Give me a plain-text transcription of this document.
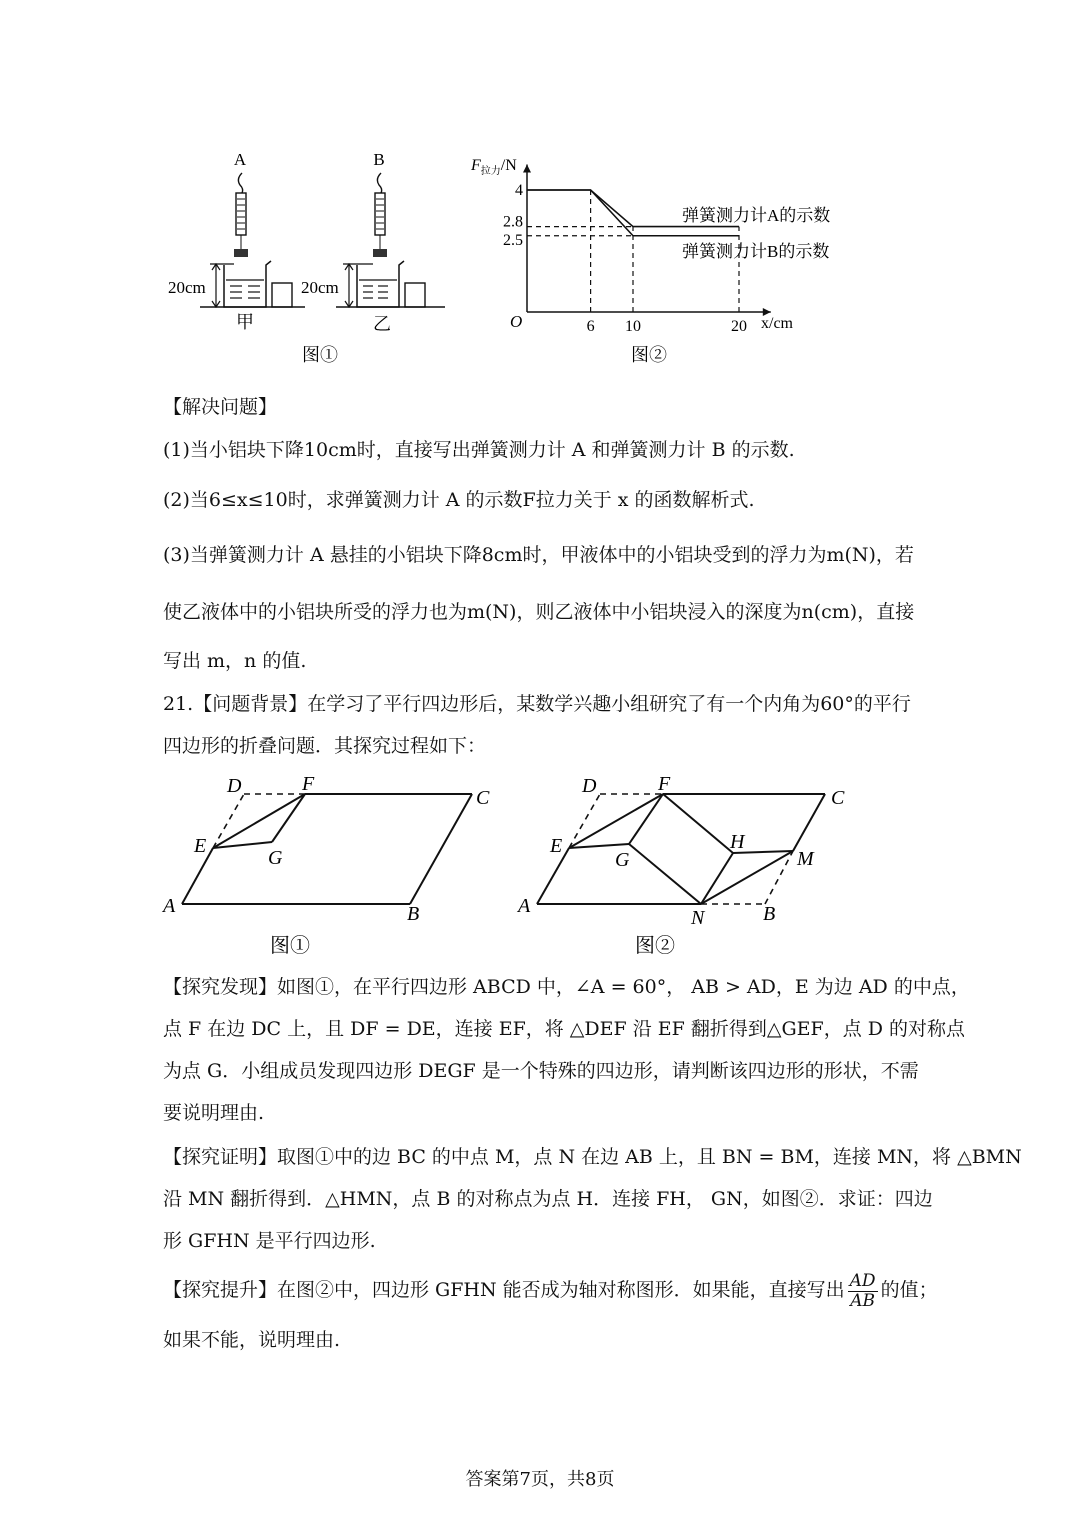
A	B
20cm	20cm
甲	乙
图①
6 10	20
4
2.8
2.5
$F_{拉力}/N$
O	x/cm
弹簧测力计A的示数
弹簧测力计B的示数
图②
【解决问题】
(1)当小铝块下降10cm时，直接写出弹簧测力计 A 和弹簧测力计 B 的示数.
(2)当6≤x≤10时，求弹簧测力计 A 的示数F拉力关于 x 的函数解析式.
(3)当弹簧测力计 A 悬挂的小铝块下降8cm时，甲液体中的小铝块受到的浮力为m(N)，若
使乙液体中的小铝块所受的浮力也为m(N)，则乙液体中小铝块浸入的深度为n(cm)，直接
写出 m，n 的值.
21.【问题背景】在学习了平行四边形后，某数学兴趣小组研究了有一个内角为60°的平行
四边形的折叠问题．其探究过程如下：
D	F
C
E
G
A	B
图①
D	F
C
E
G
H
M
A
N	B
图②
【探究发现】如图①，在平行四边形 ABCD 中，∠A = 60°， AB > AD，E 为边 AD 的中点，
点 F 在边 DC 上，且 DF = DE，连接 EF，将 △DEF 沿 EF 翻折得到△GEF，点 D 的对称点
为点 G．小组成员发现四边形 DEGF 是一个特殊的四边形，请判断该四边形的形状，不需
要说明理由.
【探究证明】取图①中的边 BC 的中点 M，点 N 在边 AB 上，且 BN = BM，连接 MN，将 △BMN
沿 MN 翻折得到．△HMN，点 B 的对称点为点 H．连接 FH， GN，如图②．求证：四边
形 GFHN 是平行四边形.
【探究提升】在图②中，四边形 GFHN 能否成为轴对称图形．如果能，直接写出 $\frac{AD}{AB}$ 的值；
如果不能，说明理由.
答案第7页，共8页
